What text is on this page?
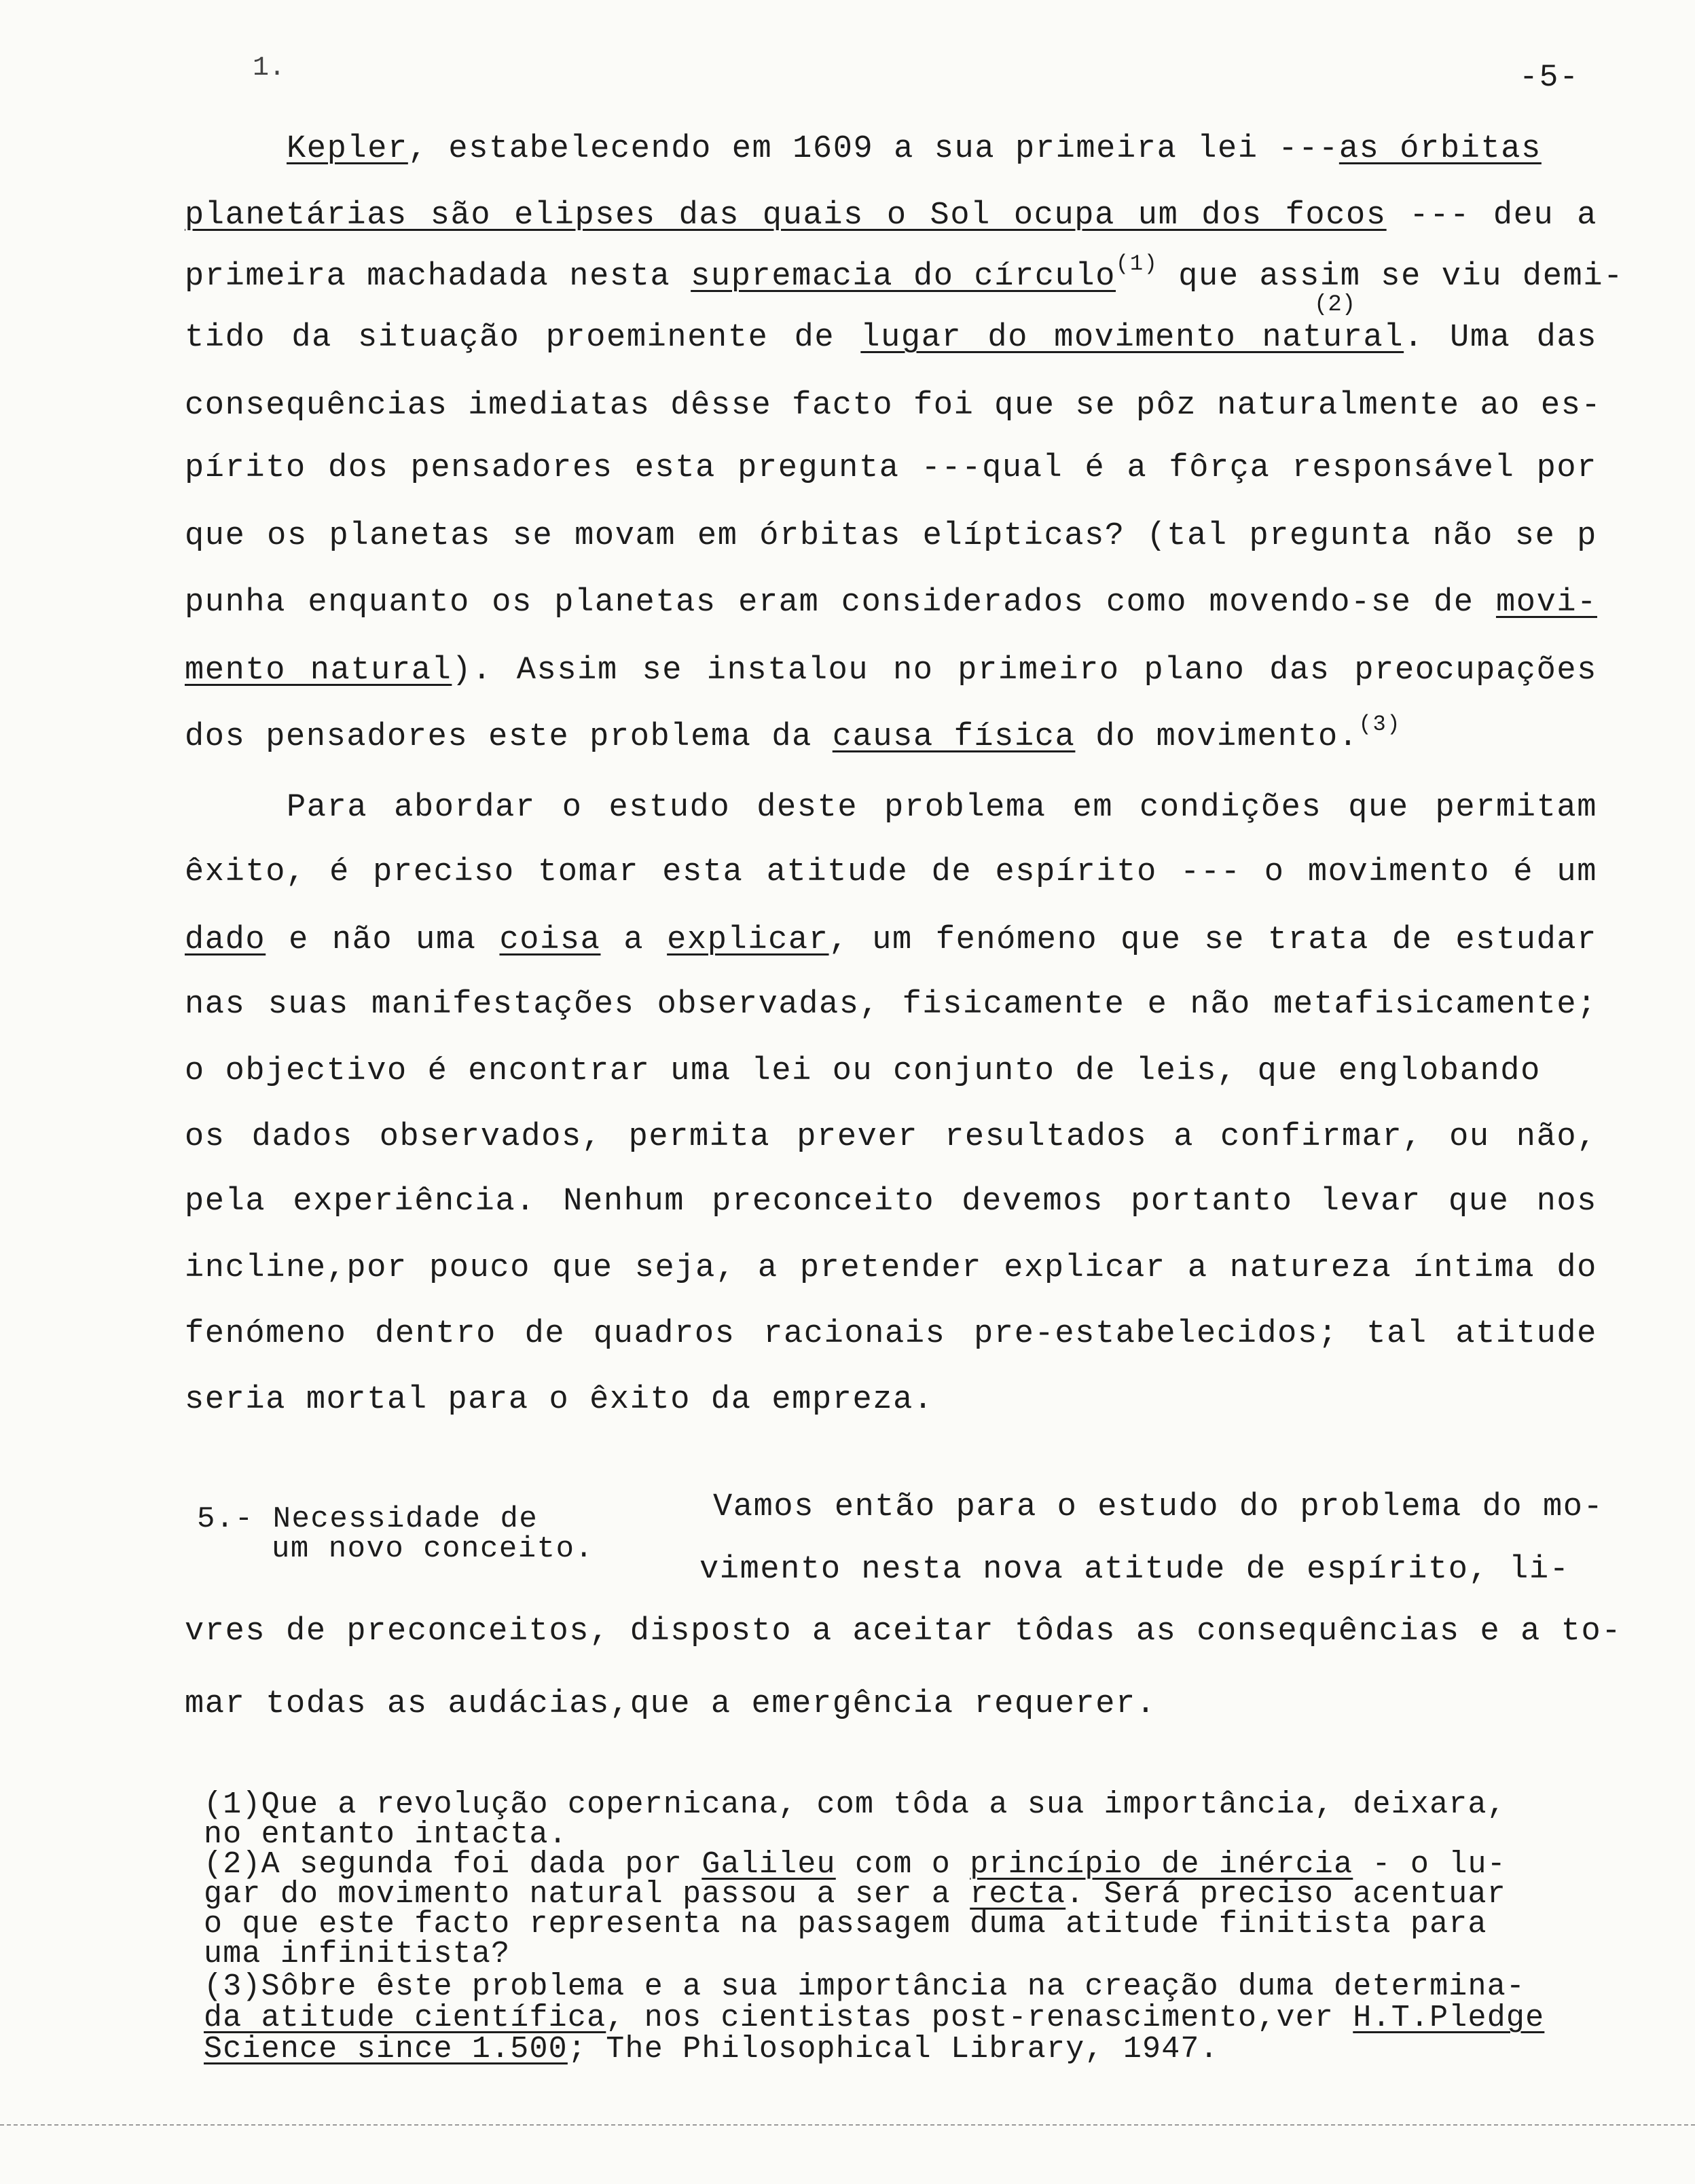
1.	-5-
Kepler, estabelecendo em 1609 a sua primeira lei ---as órbitas
planetárias são elipses das quais o Sol ocupa um dos focos --- deu a
primeira machadada nesta supremacia do círculo$^{(1)}$ que assim se viu demi-
(2)
tido da situação proeminente de lugar do movimento natural. Uma das
consequências imediatas dêsse facto foi que se pôz naturalmente ao es-
pírito dos pensadores esta pregunta ---qual é a fôrça responsável por
que os planetas se movam em órbitas elípticas? (tal pregunta não se p
punha enquanto os planetas eram considerados como movendo-se de movi-
mento natural). Assim se instalou no primeiro plano das preocupações
dos pensadores este problema da causa física do movimento.$^{(3)}$
Para abordar o estudo deste problema em condições que permitam
êxito, é preciso tomar esta atitude de espírito --- o movimento é um
dado e não uma coisa a explicar, um fenómeno que se trata de estudar
nas suas manifestações observadas, fisicamente e não metafisicamente;
o objectivo é encontrar uma lei ou conjunto de leis, que englobando
os dados observados, permita prever resultados a confirmar, ou não,
pela experiência. Nenhum preconceito devemos portanto levar que nos
incline,por pouco que seja, a pretender explicar a natureza íntima do
fenómeno dentro de quadros racionais pre-estabelecidos; tal atitude
seria mortal para o êxito da empreza.
5.- Necessidade de
um novo conceito.
Vamos então para o estudo do problema do mo-
vimento nesta nova atitude de espírito, li-
vres de preconceitos, disposto a aceitar tôdas as consequências e a to-
mar todas as audácias,que a emergência requerer.
(1)Que a revolução copernicana, com tôda a sua importância, deixara,
no entanto intacta.
(2)A segunda foi dada por Galileu com o princípio de inércia - o lu-
gar do movimento natural passou a ser a recta. Será preciso acentuar
o que este facto representa na passagem duma atitude finitista para
uma infinitista?
(3)Sôbre êste problema e a sua importância na creação duma determina-
da atitude científica, nos cientistas post-renascimento,ver H.T.Pledge
Science since 1.500; The Philosophical Library, 1947.
